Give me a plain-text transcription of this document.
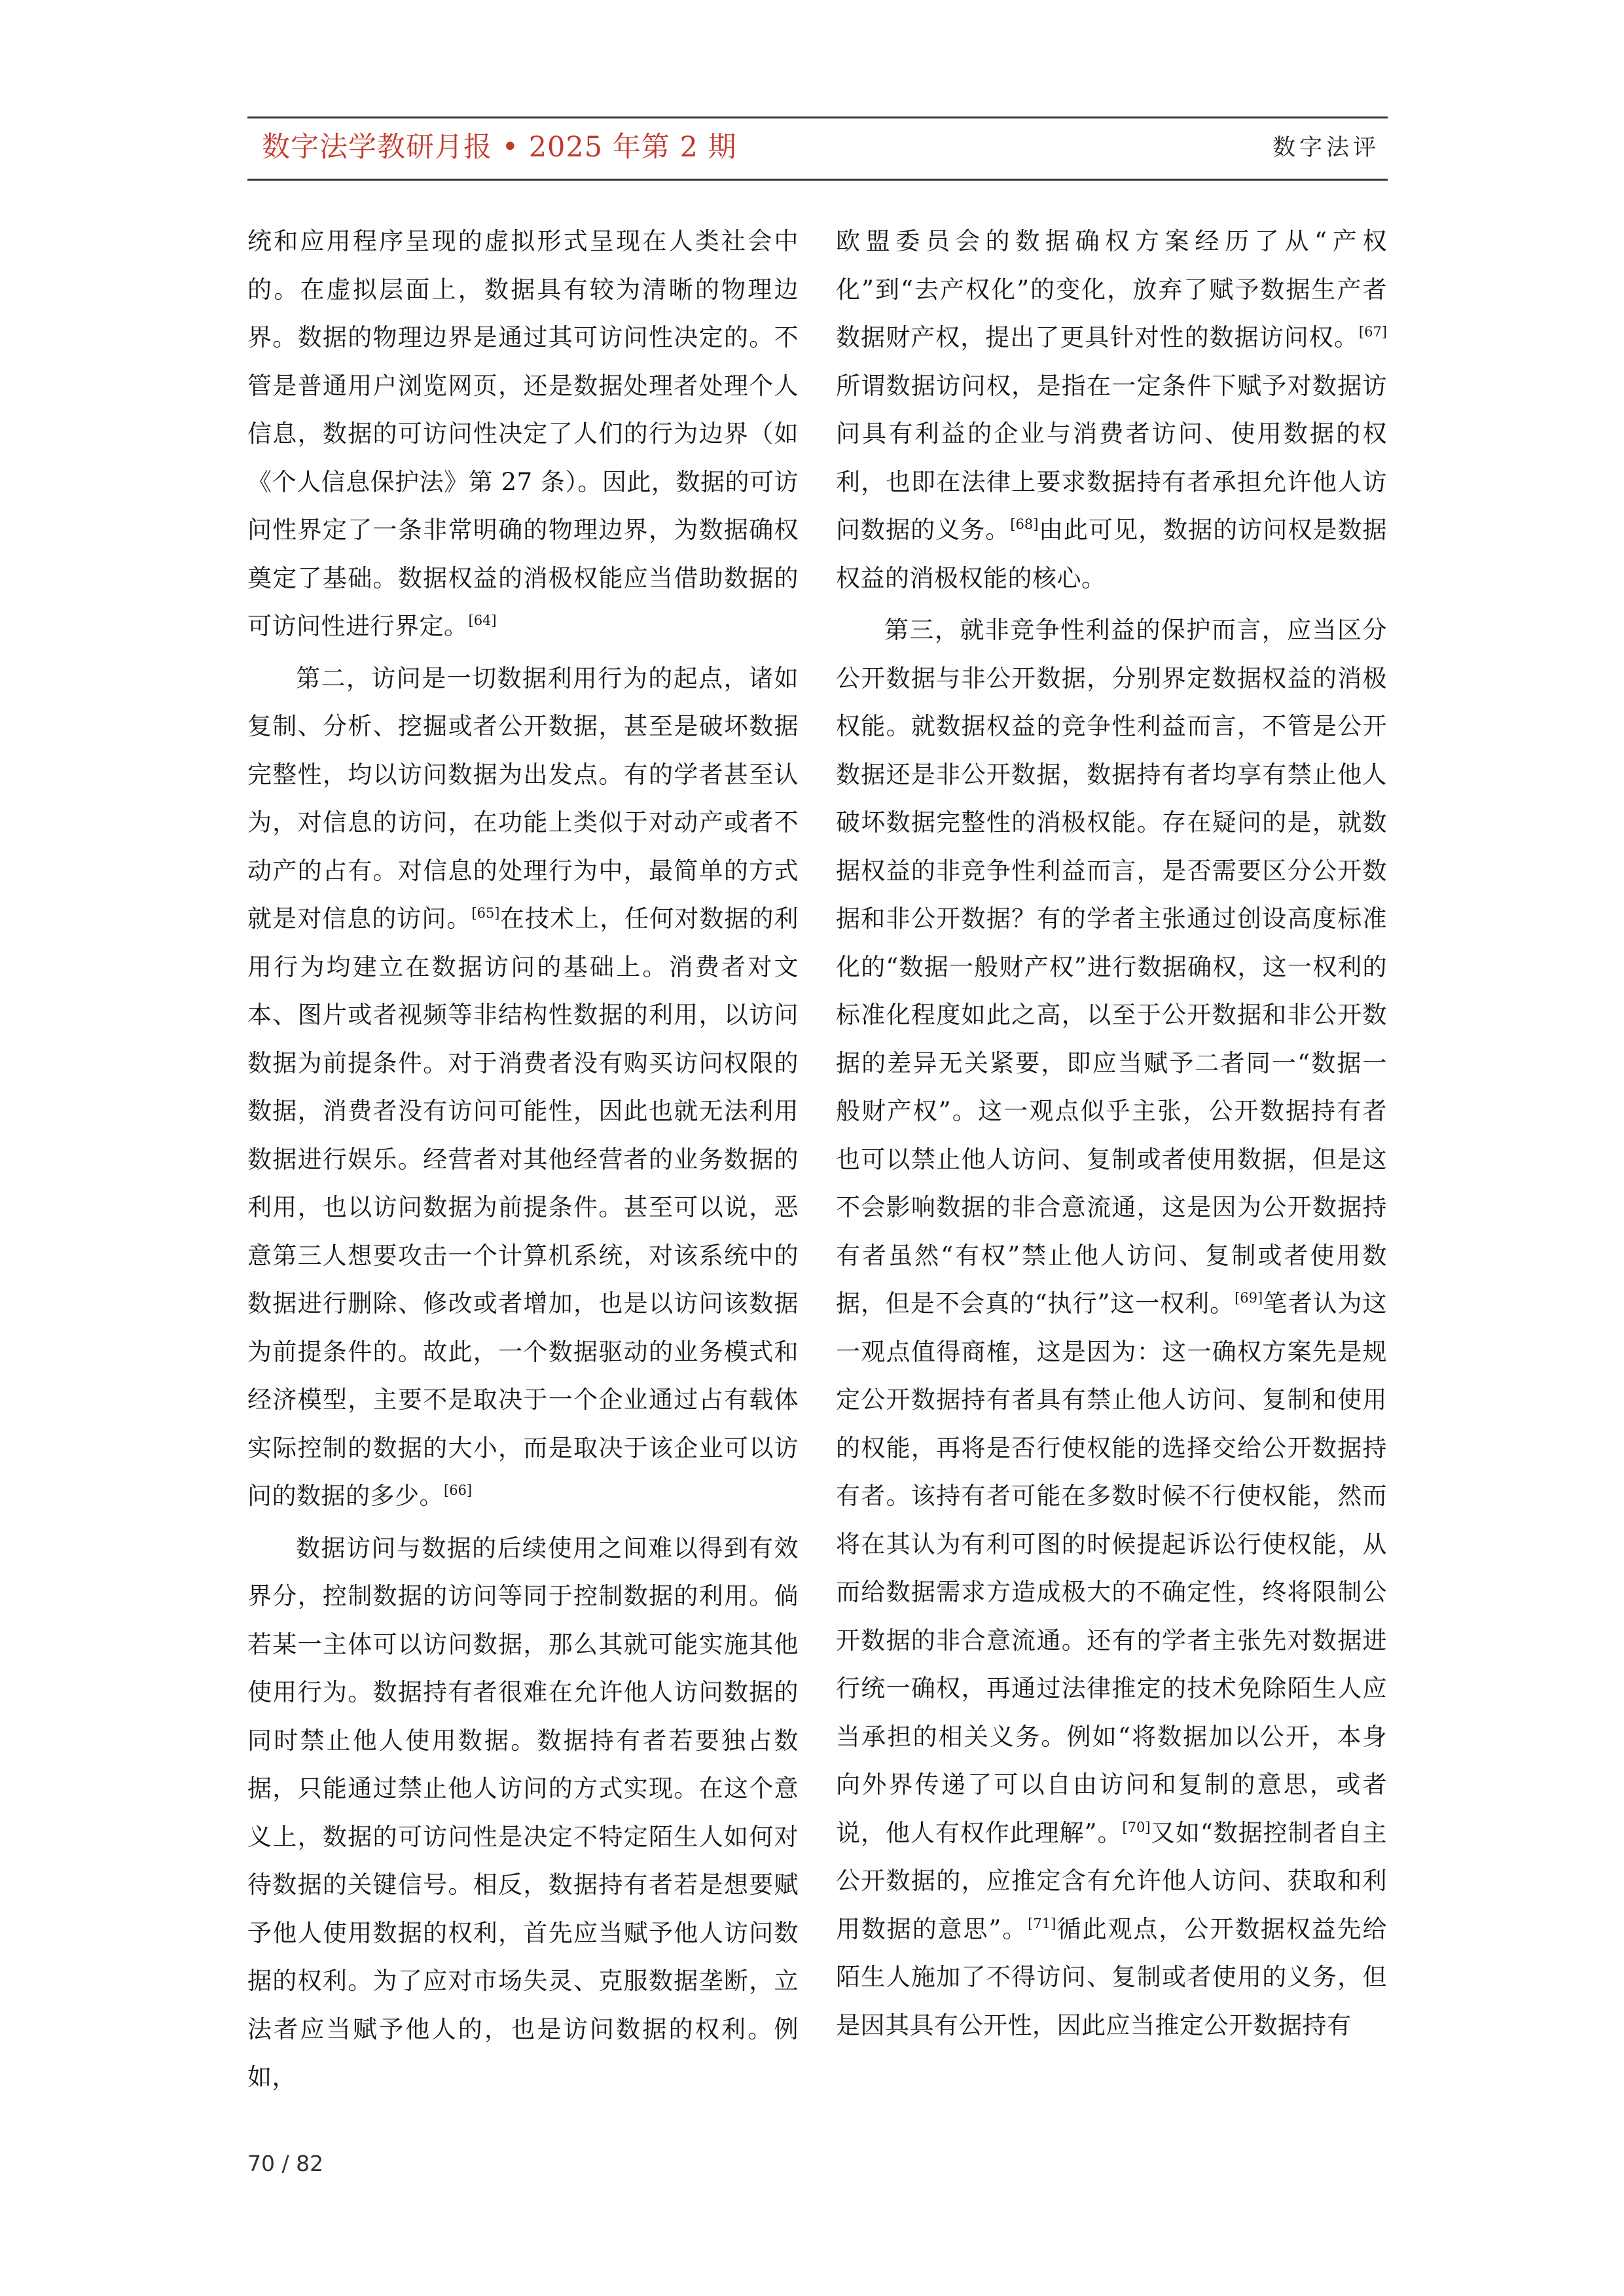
数字法学教研月报 • 2025 年第 2 期	数字法评

统和应用程序呈现的虚拟形式呈现在人类社会中的。在虚拟层面上，数据具有较为清晰的物理边界。数据的物理边界是通过其可访问性决定的。不管是普通用户浏览网页，还是数据处理者处理个人信息，数据的可访问性决定了人们的行为边界（如《个人信息保护法》第 27 条）。因此，数据的可访问性界定了一条非常明确的物理边界，为数据确权奠定了基础。数据权益的消极权能应当借助数据的可访问性进行界定。[64]

第二，访问是一切数据利用行为的起点，诸如复制、分析、挖掘或者公开数据，甚至是破坏数据完整性，均以访问数据为出发点。有的学者甚至认为，对信息的访问，在功能上类似于对动产或者不动产的占有。对信息的处理行为中，最简单的方式就是对信息的访问。[65]在技术上，任何对数据的利用行为均建立在数据访问的基础上。消费者对文本、图片或者视频等非结构性数据的利用，以访问数据为前提条件。对于消费者没有购买访问权限的数据，消费者没有访问可能性，因此也就无法利用数据进行娱乐。经营者对其他经营者的业务数据的利用，也以访问数据为前提条件。甚至可以说，恶意第三人想要攻击一个计算机系统，对该系统中的数据进行删除、修改或者增加，也是以访问该数据为前提条件的。故此，一个数据驱动的业务模式和经济模型，主要不是取决于一个企业通过占有载体实际控制的数据的大小，而是取决于该企业可以访问的数据的多少。[66]

数据访问与数据的后续使用之间难以得到有效界分，控制数据的访问等同于控制数据的利用。倘若某一主体可以访问数据，那么其就可能实施其他使用行为。数据持有者很难在允许他人访问数据的同时禁止他人使用数据。数据持有者若要独占数据，只能通过禁止他人访问的方式实现。在这个意义上，数据的可访问性是决定不特定陌生人如何对待数据的关键信号。相反，数据持有者若是想要赋予他人使用数据的权利，首先应当赋予他人访问数据的权利。为了应对市场失灵、克服数据垄断，立法者应当赋予他人的，也是访问数据的权利。例如，

欧盟委员会的数据确权方案经历了从“产权化”到“去产权化”的变化，放弃了赋予数据生产者数据财产权，提出了更具针对性的数据访问权。[67]所谓数据访问权，是指在一定条件下赋予对数据访问具有利益的企业与消费者访问、使用数据的权利，也即在法律上要求数据持有者承担允许他人访问数据的义务。[68]由此可见，数据的访问权是数据权益的消极权能的核心。

第三，就非竞争性利益的保护而言，应当区分公开数据与非公开数据，分别界定数据权益的消极权能。就数据权益的竞争性利益而言，不管是公开数据还是非公开数据，数据持有者均享有禁止他人破坏数据完整性的消极权能。存在疑问的是，就数据权益的非竞争性利益而言，是否需要区分公开数据和非公开数据？有的学者主张通过创设高度标准化的“数据一般财产权”进行数据确权，这一权利的标准化程度如此之高，以至于公开数据和非公开数据的差异无关紧要，即应当赋予二者同一“数据一般财产权”。这一观点似乎主张，公开数据持有者也可以禁止他人访问、复制或者使用数据，但是这不会影响数据的非合意流通，这是因为公开数据持有者虽然“有权”禁止他人访问、复制或者使用数据，但是不会真的“执行”这一权利。[69]笔者认为这一观点值得商榷，这是因为：这一确权方案先是规定公开数据持有者具有禁止他人访问、复制和使用的权能，再将是否行使权能的选择交给公开数据持有者。该持有者可能在多数时候不行使权能，然而将在其认为有利可图的时候提起诉讼行使权能，从而给数据需求方造成极大的不确定性，终将限制公开数据的非合意流通。还有的学者主张先对数据进行统一确权，再通过法律推定的技术免除陌生人应当承担的相关义务。例如“将数据加以公开，本身向外界传递了可以自由访问和复制的意思，或者说，他人有权作此理解”。[70]又如“数据控制者自主公开数据的，应推定含有允许他人访问、获取和利用数据的意思”。[71]循此观点，公开数据权益先给陌生人施加了不得访问、复制或者使用的义务，但是因其具有公开性，因此应当推定公开数据持有

70 / 82
